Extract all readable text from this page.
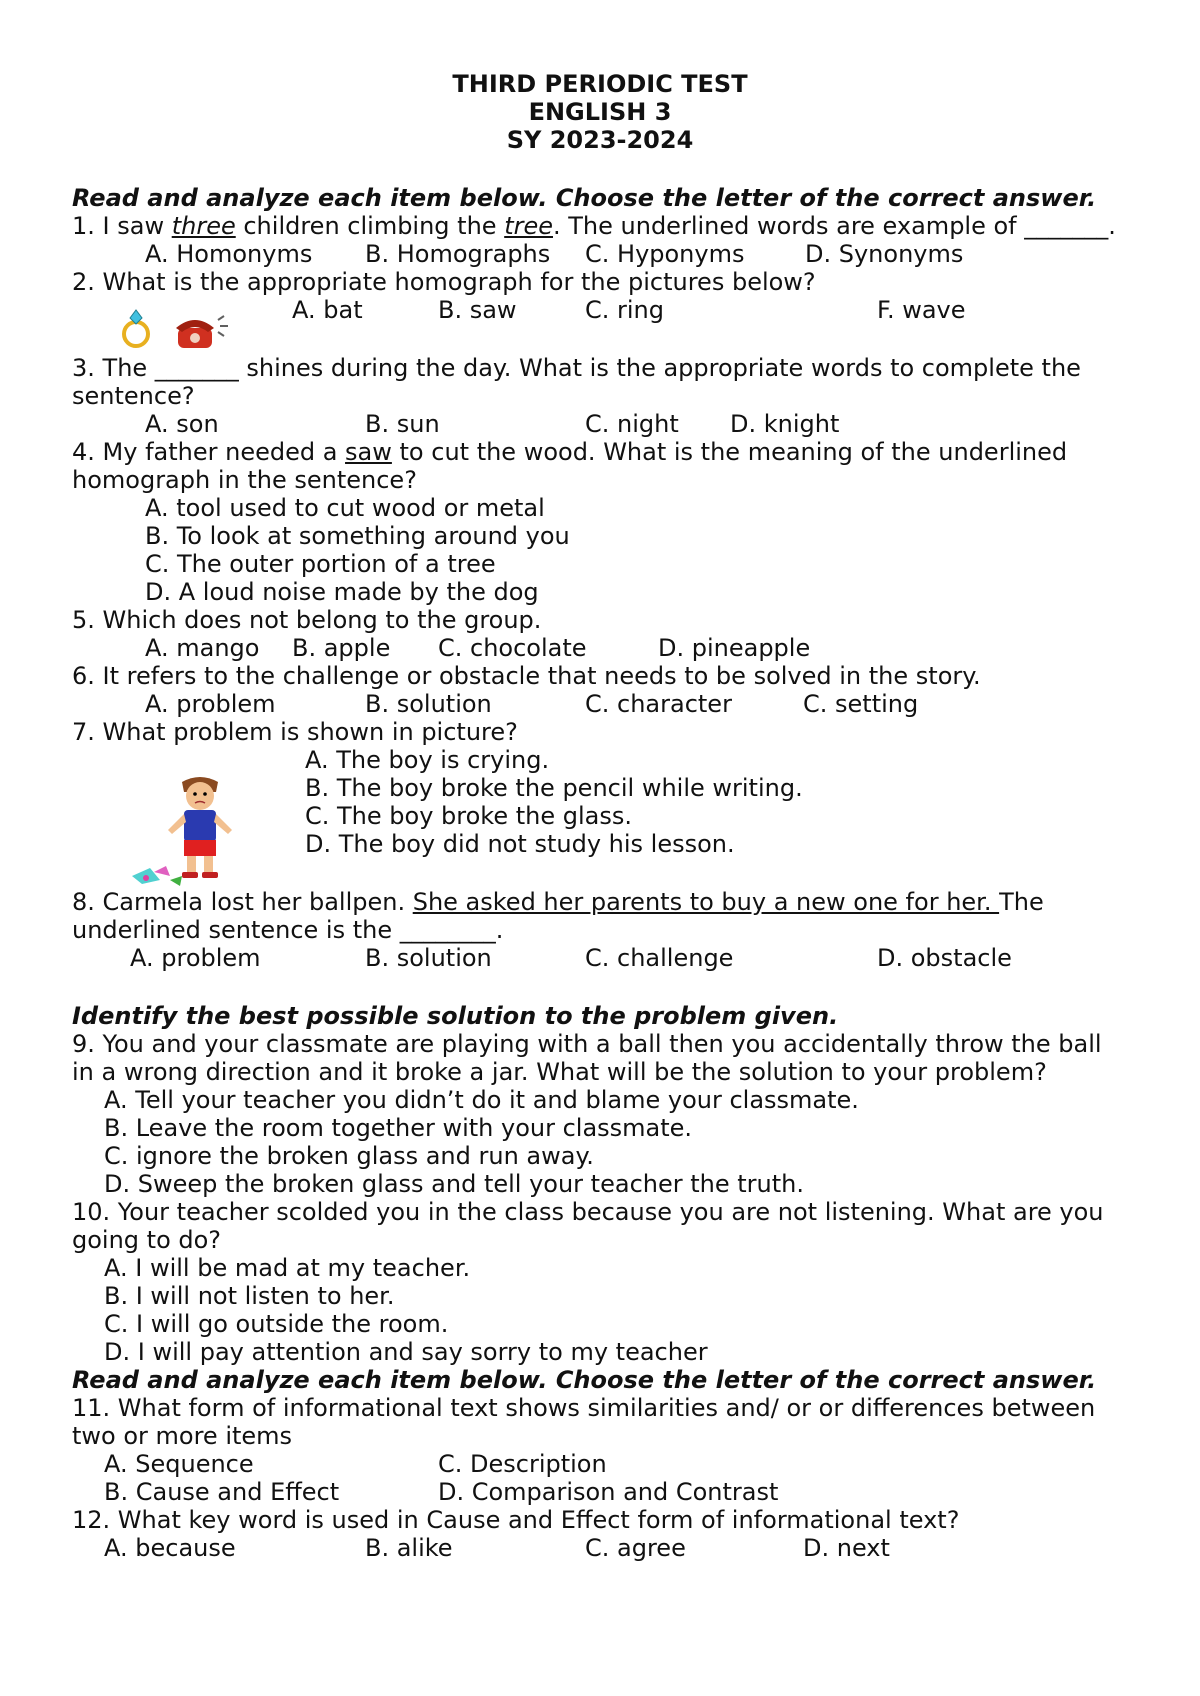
THIRD PERIODIC TEST
ENGLISH 3
SY 2023-2024
Read and analyze each item below. Choose the letter of the correct answer.
1. I saw three children climbing the tree. The underlined words are example of _______.
A. Homonyms B. Homographs C. Hyponyms	D. Synonyms
2. What is the appropriate homograph for the pictures below?
A. bat	B. saw	C. ring	F. wave
3. The _______ shines during the day. What is the appropriate words to complete the
sentence?
A. son	B. sun	C. night D. knight
4. My father needed a saw to cut the wood. What is the meaning of the underlined
homograph in the sentence?
A. tool used to cut wood or metal
B. To look at something around you
C. The outer portion of a tree
D. A loud noise made by the dog
5. Which does not belong to the group.
A. mango B. apple C. chocolate	D. pineapple
6. It refers to the challenge or obstacle that needs to be solved in the story.
A. problem	B. solution	C. character	C. setting
7. What problem is shown in picture?
A. The boy is crying.
B. The boy broke the pencil while writing.
C. The boy broke the glass.
D. The boy did not study his lesson.
8. Carmela lost her ballpen. She asked her parents to buy a new one for her. The
underlined sentence is the ________.
A. problem	B. solution	C. challenge	D. obstacle
Identify the best possible solution to the problem given.
9. You and your classmate are playing with a ball then you accidentally throw the ball
in a wrong direction and it broke a jar. What will be the solution to your problem?
A. Tell your teacher you didn’t do it and blame your classmate.
B. Leave the room together with your classmate.
C. ignore the broken glass and run away.
D. Sweep the broken glass and tell your teacher the truth.
10. Your teacher scolded you in the class because you are not listening. What are you
going to do?
A. I will be mad at my teacher.
B. I will not listen to her.
C. I will go outside the room.
D. I will pay attention and say sorry to my teacher
Read and analyze each item below. Choose the letter of the correct answer.
11. What form of informational text shows similarities and/ or or differences between
two or more items
A. Sequence	C. Description
B. Cause and Effect	D. Comparison and Contrast
12. What key word is used in Cause and Effect form of informational text?
A. because	B. alike	C. agree	D. next
